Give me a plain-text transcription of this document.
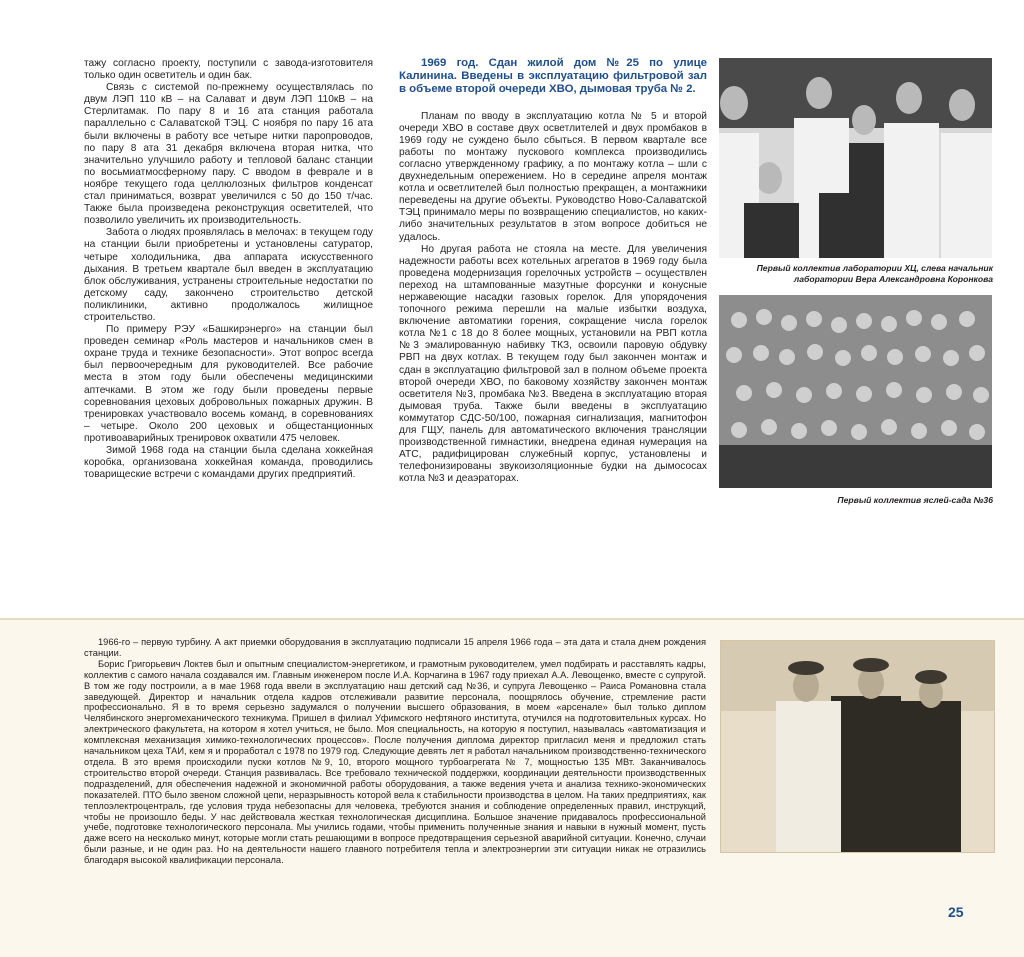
тажу согласно проекту, поступили с завода-изготовителя только один осветитель и один бак.

Связь с системой по-прежнему осуществлялась по двум ЛЭП 110 кВ – на Салават и двум ЛЭП 110кВ – на Стерлитамак. По пару 8 и 16 ата станция работала параллельно с Салаватской ТЭЦ. С ноября по пару 16 ата были включены в работу все четыре нитки паропроводов, по пару 8 ата 31 декабря включена вторая нитка, что значительно улучшило работу и тепловой баланс станции по восьмиатмосферному пару. С вводом в феврале и в ноябре текущего года целлюлозных фильтров конденсат стал приниматься, возврат увеличился с 50 до 150 т/час. Также была произведена реконструкция осветителей, что позволило увеличить их производительность.

Забота о людях проявлялась в мелочах: в текущем году на станции были приобретены и установлены сатуратор, четыре холодильника, два аппарата искусственного дыхания. В третьем квартале был введен в эксплуатацию блок обслуживания, устранены строительные недостатки по детскому саду, закончено строительство детской поликлиники, активно продолжалось жилищное строительство.

По примеру РЭУ «Башкирэнерго» на станции был проведен семинар «Роль мастеров и начальников смен в охране труда и технике безопасности». Этот вопрос всегда был первоочередным для руководителей. Все рабочие места в этом году были обеспечены медицинскими аптечками. В этом же году были проведены первые соревнования цеховых добровольных пожарных дружин. В тренировках участвовало восемь команд, в соревнованиях – четыре. Около 200 цеховых и общестанционных противоаварийных тренировок охватили 475 человек.

Зимой 1968 года на станции была сделана хоккейная коробка, организована хоккейная команда, проводились товарищеские встречи с командами других предприятий.

1969 год. Сдан жилой дом №25 по улице Калинина. Введены в эксплуатацию фильтровой зал в объеме второй очереди ХВО, дымовая труба № 2.

Планам по вводу в эксплуатацию котла № 5 и второй очереди ХВО в составе двух осветлителей и двух промбаков в 1969 году не суждено было сбыться. В первом квартале все работы по монтажу пускового комплекса производились согласно утвержденному графику, а по монтажу котла – шли с двухнедельным опережением. Но в середине апреля монтаж котла и осветлителей был полностью прекращен, а монтажники переведены на другие объекты. Руководство Ново-Салаватской ТЭЦ принимало меры по возвращению специалистов, но каких-либо значительных результатов в этом вопросе добиться не удалось.

Но другая работа не стояла на месте. Для увеличения надежности работы всех котельных агрегатов в 1969 году была проведена модернизация горелочных устройств – осуществлен переход на штампованные мазутные форсунки и конусные нержавеющие насадки газовых горелок. Для упорядочения топочного режима перешли на малые избытки воздуха, включение автоматики горения, сокращение числа горелок котла №1 с 18 до 8 более мощных, установили на РВП котла №3 эмалированную набивку ТКЗ, освоили паровую обдувку РВП на двух котлах. В текущем году был закончен монтаж и сдан в эксплуатацию фильтровой зал в полном объеме проекта второй очереди ХВО, по баковому хозяйству закончен монтаж осветителя №3, промбака №3. Введена в эксплуатацию вторая дымовая труба. Также были введены в эксплуатацию коммутатор СДС-50/100, пожарная сигнализация, магнитофон для ГЩУ, панель для автоматического включения трансляции производственной гимнастики, внедрена единая нумерация на АТС, радифицирован служебный корпус, установлены и телефонизированы звукоизоляционные будки на дымососах котла №3 и деаэраторах.

Первый коллектив лаборатории ХЦ, слева начальник лаборатории Вера Александровна Коронкова
Первый коллектив яслей-сада №36

1966-го – первую турбину. А акт приемки оборудования в эксплуатацию подписали 15 апреля 1966 года – эта дата и стала днем рождения станции.

Борис Григорьевич Локтев был и опытным специалистом-энергетиком, и грамотным руководителем, умел подбирать и расставлять кадры, коллектив с самого начала создавался им. Главным инженером после И.А. Корчагина в 1967 году приехал А.А. Левощенко, вместе с супругой. В том же году построили, а в мае 1968 года ввели в эксплуатацию наш детский сад №36, и супруга Левощенко – Раиса Романовна стала заведующей. Директор и начальник отдела кадров отслеживали развитие персонала, поощрялось обучение, стремление расти профессионально. Я в то время серьезно задумался о получении высшего образования, в моем «арсенале» был только диплом Челябинского энергомеханического техникума. Пришел в филиал Уфимского нефтяного института, отучился на подготовительных курсах. Но электрического факультета, на котором я хотел учиться, не было. Моя специальность, на которую я поступил, называлась «автоматизация и комплексная механизация химико-технологических процессов». После получения диплома директор пригласил меня и предложил стать начальником цеха ТАИ, кем я и проработал с 1978 по 1979 год. Следующие девять лет я работал начальником производственно-технического отдела. В это время происходили пуски котлов №9, 10, второго мощного турбоагрегата № 7, мощностью 135 МВт. Заканчивалось строительство второй очереди. Станция развивалась. Все требовало технической поддержки, координации деятельности производственных подразделений, для обеспечения надежной и экономичной работы оборудования, а также ведения учета и анализа технико-экономических показателей. ПТО было звеном сложной цепи, неразрывность которой вела к стабильности производства в целом. На таких предприятиях, как теплоэлектроцентраль, где условия труда небезопасны для человека, требуются знания и соблюдение определенных правил, инструкций, чтобы не произошло беды. У нас действовала жесткая технологическая дисциплина. Большое значение придавалось профессиональной учебе, подготовке технологического персонала. Мы учились годами, чтобы применить полученные знания и навыки в нужный момент, пусть даже всего на несколько минут, которые могли стать решающими в вопросе предотвращения серьезной аварийной ситуации. Конечно, случаи были разные, и не один раз. Но на деятельности нашего главного потребителя тепла и электроэнергии эти ситуации никак не отразились благодаря высокой квалификации персонала.

25
